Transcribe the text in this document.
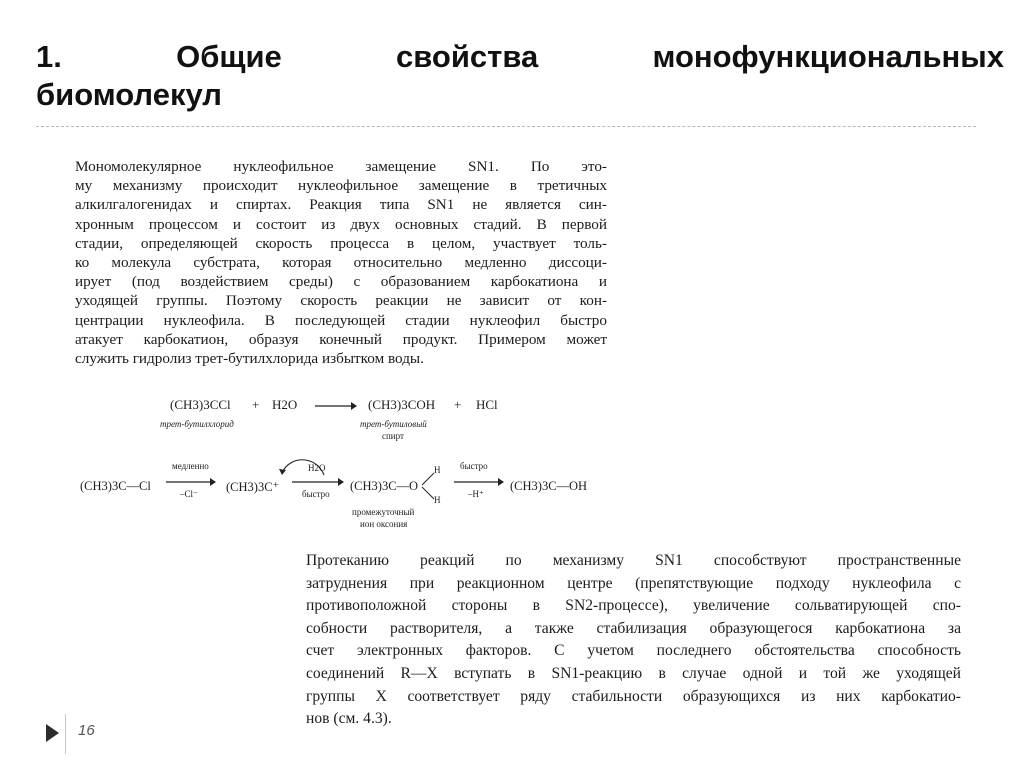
1.	Общие	свойства	монофункциональных
биомолекул

Мономолекулярное нуклеофильное замещение SN1. По это-
му механизму происходит нуклеофильное замещение в третичных
алкилгалогенидах и спиртах. Реакция типа SN1 не является син-
хронным процессом и состоит из двух основных стадий. В первой
стадии, определяющей скорость процесса в целом, участвует толь-
ко молекула субстрата, которая относительно медленно диссоци-
ирует (под воздействием среды) с образованием карбокатиона и
уходящей группы. Поэтому скорость реакции не зависит от кон-
центрации нуклеофила. В последующей стадии нуклеофил быстро
атакует карбокатион, образуя конечный продукт. Примером может
служить гидролиз трет-бутилхлорида избытком воды.

(CH3)3CCl + H2O → (CH3)3COH + HCl
трет-бутилхлорид	трет-бутиловый
спирт
(CH3)3C—Cl
медленно
–Cl⁻ (CH3)3C⁺
H2O
быстро
(CH3)3C—O
H
H
быстро
–H⁺
(CH3)3C—OH
промежуточный
ион оксония

Протеканию реакций по механизму SN1 способствуют пространственные
затруднения при реакционном центре (препятствующие подходу нуклеофила с
противоположной стороны в SN2-процессе), увеличение сольватирующей спо-
собности растворителя, а также стабилизация образующегося карбокатиона за
счет электронных факторов. С учетом последнего обстоятельства способность
соединений R—X вступать в SN1-реакцию в случае одной и той же уходящей
группы X соответствует ряду стабильности образующихся из них карбокатио-
нов (см. 4.3).

16
